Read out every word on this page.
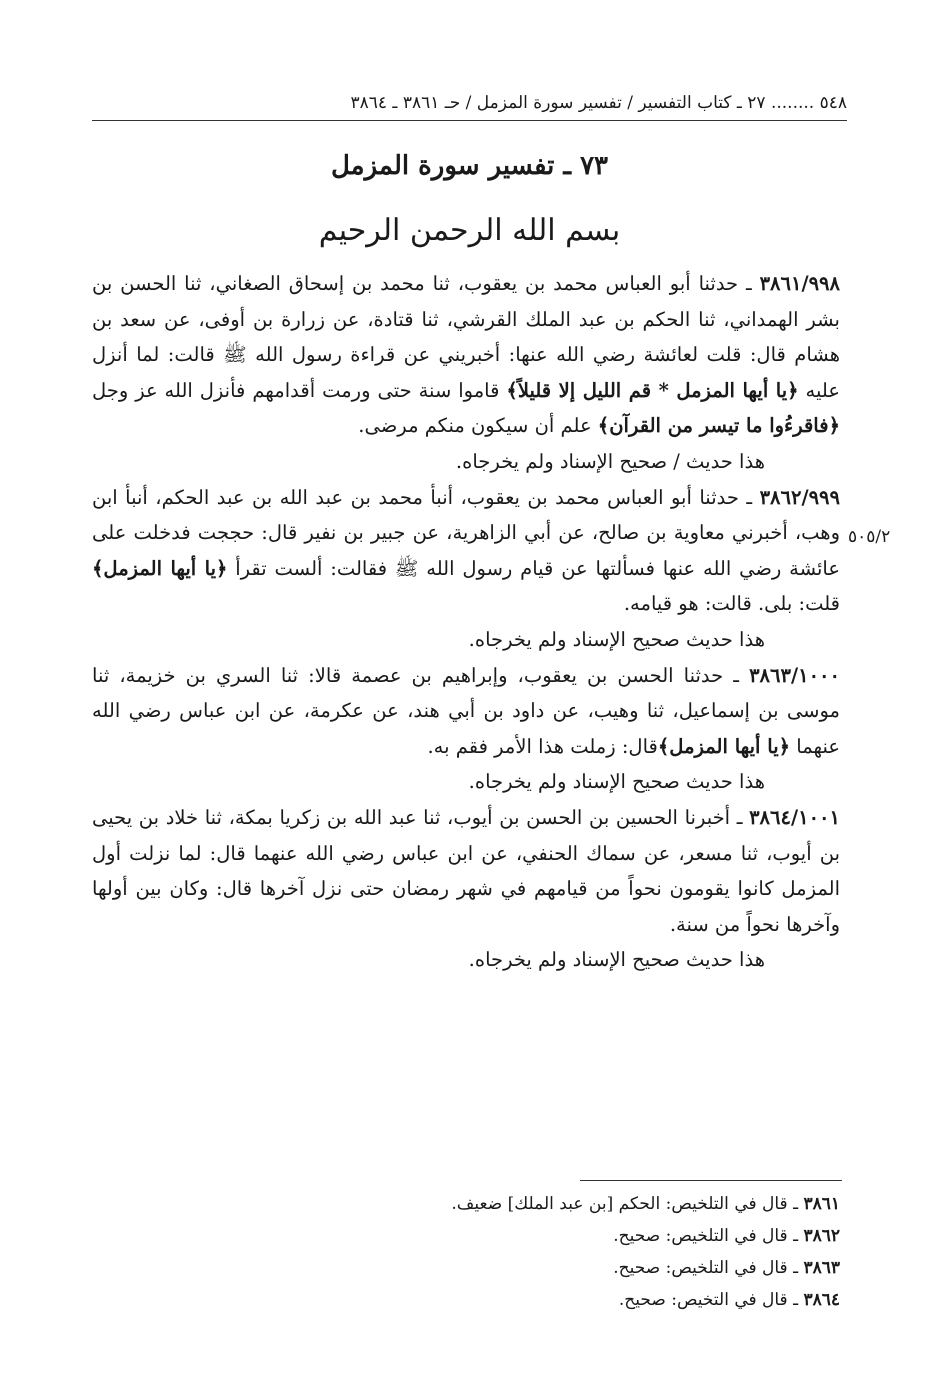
٥٤٨ ........ ٢٧ ـ كتاب التفسير / تفسير سورة المزمل / حـ ٣٨٦١ ـ ٣٨٦٤
٧٣ ـ تفسير سورة المزمل
بسم الله الرحمن الرحيم
٥٠٥/٢

٣٨٦١/٩٩٨ ـ حدثنا أبو العباس محمد بن يعقوب، ثنا محمد بن إسحاق الصغاني، ثنا الحسن بن بشر الهمداني، ثنا الحكم بن عبد الملك القرشي، ثنا قتادة، عن زرارة بن أوفى، عن سعد بن هشام قال: قلت لعائشة رضي الله عنها: أخبريني عن قراءة رسول الله ﷺ قالت: لما أنزل عليه ﴿يا أيها المزمل * قم الليل إلا قليلاً﴾ قاموا سنة حتى ورمت أقدامهم فأنزل الله عز وجل ﴿فاقرءُوا ما تيسر من القرآن﴾ علم أن سيكون منكم مرضى.

هذا حديث / صحيح الإسناد ولم يخرجاه.

٣٨٦٢/٩٩٩ ـ حدثنا أبو العباس محمد بن يعقوب، أنبأ محمد بن عبد الله بن عبد الحكم، أنبأ ابن وهب، أخبرني معاوية بن صالح، عن أبي الزاهرية، عن جبير بن نفير قال: حججت فدخلت على عائشة رضي الله عنها فسألتها عن قيام رسول الله ﷺ فقالت: ألست تقرأ ﴿يا أيها المزمل﴾قلت: بلى. قالت: هو قيامه.

هذا حديث صحيح الإسناد ولم يخرجاه.

٣٨٦٣/١٠٠٠ ـ حدثنا الحسن بن يعقوب، وإبراهيم بن عصمة قالا: ثنا السري بن خزيمة، ثنا موسى بن إسماعيل، ثنا وهيب، عن داود بن أبي هند، عن عكرمة، عن ابن عباس رضي الله عنهما ﴿يا أيها المزمل﴾قال: زملت هذا الأمر فقم به.

هذا حديث صحيح الإسناد ولم يخرجاه.

٣٨٦٤/١٠٠١ ـ أخبرنا الحسين بن الحسن بن أيوب، ثنا عبد الله بن زكريا بمكة، ثنا خلاد بن يحيى بن أيوب، ثنا مسعر، عن سماك الحنفي، عن ابن عباس رضي الله عنهما قال: لما نزلت أول المزمل كانوا يقومون نحواً من قيامهم في شهر رمضان حتى نزل آخرها قال: وكان بين أولها وآخرها نحواً من سنة.

هذا حديث صحيح الإسناد ولم يخرجاه.

٣٨٦١ ـ قال في التلخيص: الحكم [بن عبد الملك] ضعيف.

٣٨٦٢ ـ قال في التلخيص: صحيح.

٣٨٦٣ ـ قال في التلخيص: صحيح.

٣٨٦٤ ـ قال في التخيص: صحيح.
